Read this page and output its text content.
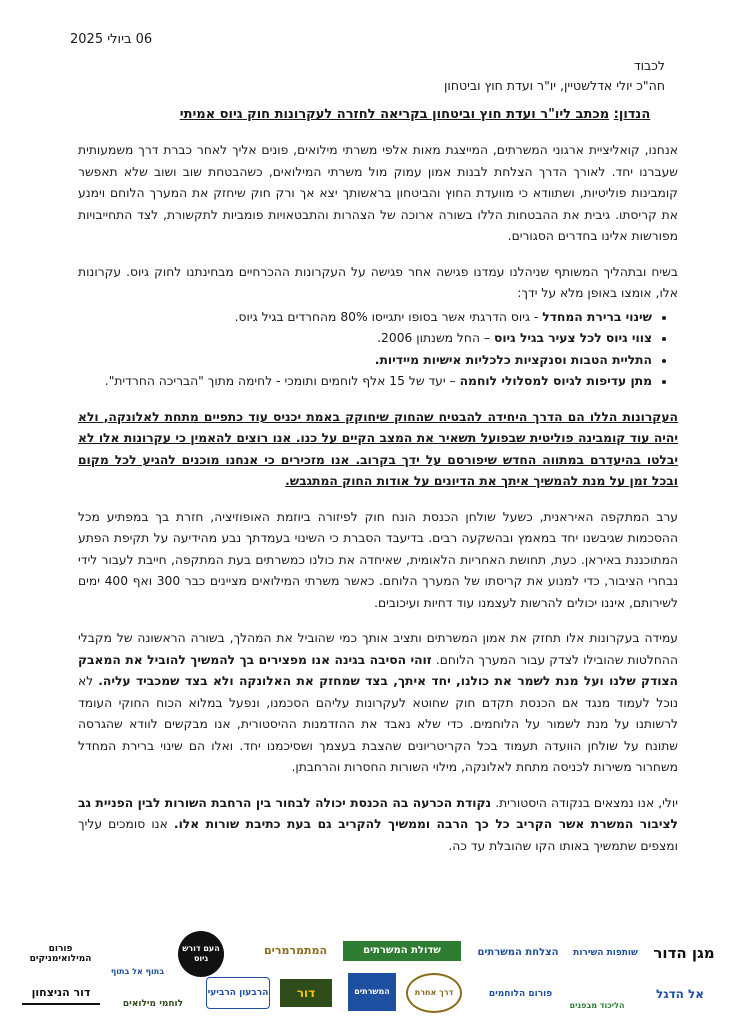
06 ביולי 2025
לכבוד
חה"כ יולי אדלשטיין, יו"ר ועדת חוץ וביטחון
הנדון: מכתב ליו"ר ועדת חוץ וביטחון בקריאה לחזרה לעקרונות חוק גיוס אמיתי

אנחנו, קואליציית ארגוני המשרתים, המייצגת מאות אלפי משרתי מילואים, פונים אליך לאחר כברת דרך משמעותית שעברנו יחד. לאורך הדרך הצלחת לבנות אמון עמוק מול משרתי המילואים, כשהבטחת שוב ושוב שלא תאפשר קומבינות פוליטיות, ושתוודא כי מוועדת החוץ והביטחון בראשותך יצא אך ורק חוק שיחזק את המערך הלוחם וימנע את קריסתו. גיבית את ההבטחות הללו בשורה ארוכה של הצהרות והתבטאויות פומביות לתקשורת, לצד התחייבויות מפורשות אלינו בחדרים הסגורים.

בשיח ובתהליך המשותף שניהלנו עמדנו פגישה אחר פגישה על העקרונות ההכרחיים מבחינתנו לחוק גיוס. עקרונות אלו, אומצו באופן מלא על ידך:

• שינוי ברירת המחדל - גיוס הדרגתי אשר בסופו יתגייסו 80% מהחרדים בגיל גיוס.
• צווי גיוס לכל צעיר בגיל גיוס – החל משנתון 2006.
• התליית הטבות וסנקציות כלכליות אישיות מיידיות.
• מתן עדיפות לגיוס למסלולי לוחמה – יעד של 15 אלף לוחמים ותומכי - לחימה מתוך "הבריכה החרדית".

העקרונות הללו הם הדרך היחידה להבטיח שהחוק שיחוקק באמת יכניס עוד כתפיים מתחת לאלונקה, ולא יהיה עוד קומבינה פוליטית שבפועל תשאיר את המצב הקיים על כנו. אנו רוצים להאמין כי עקרונות אלו לא יבלטו בהיעדרם במתווה החדש שיפורסם על ידך בקרוב. אנו מזכירים כי אנחנו מוכנים להגיע לכל מקום ובכל זמן על מנת להמשיך איתך את הדיונים על אודות החוק המתגבש.

ערב המתקפה האיראנית, כשעל שולחן הכנסת הונח חוק לפיזורה ביוזמת האופוזיציה, חזרת בך במפתיע מכל ההסכמות שגיבשנו יחד במאמץ ובהשקעה רבים. בדיעבד הסברת כי השינוי בעמדתך נבע מהידיעה על תקיפת הפתע המתוכננת באיראן. כעת, תחושת האחריות הלאומית, שאיחדה את כולנו כמשרתים בעת המתקפה, חייבת לעבור לידי נבחרי הציבור, כדי למנוע את קריסתו של המערך הלוחם. כאשר משרתי המילואים מציינים כבר 300 ואף 400 ימים לשירותם, איננו יכולים להרשות לעצמנו עוד דחיות ועיכובים.

עמידה בעקרונות אלו תחזק את אמון המשרתים ותציב אותך כמי שהוביל את המהלך, בשורה הראשונה של מקבלי ההחלטות שהובילו לצדק עבור המערך הלוחם. זוהי הסיבה בגינה אנו מפצירים בך להמשיך להוביל את המאבק הצודק שלנו ועל מנת לשמר את כולנו, יחד איתך, בצד שמחזק את האלונקה ולא בצד שמכביד עליה. לא נוכל לעמוד מנגד אם הכנסת תקדם חוק שחוטא לעקרונות עליהם הסכמנו, ונפעל במלוא הכוח החוקי העומד לרשותנו על מנת לשמור על הלוחמים. כדי שלא נאבד את ההזדמנות ההיסטורית, אנו מבקשים לוודא שהגרסה שתונח על שולחן הוועדה תעמוד בכל הקריטריונים שהצבת בעצמך ושסיכמנו יחד. ואלו הם שינוי ברירת המחדל משחרור משירות לכניסה מתחת לאלונקה, מילוי השורות החסרות והרחבתן.

יולי, אנו נמצאים בנקודה היסטורית. נקודת הכרעה בה הכנסת יכולה לבחור בין הרחבת השורות לבין הפניית גב לציבור המשרת אשר הקריב כל כך הרבה וממשיך להקריב גם בעת כתיבת שורות אלו. אנו סומכים עליך ומצפים שתמשיך באותו הקו שהובלת עד כה.

מגן הדור
שותפות השירות
הצלחת המשרתים
שדולת המשרתים
המתמרמרים
העם דורש גיוס
בתוף אל בתוף
פורום המילואימניקים
אל הדגל
הליכוד מבפנים
פורום הלוחמים
דרך אחרת
המשרתים
דור
הרבעון הרביעי
לוחמי מילואים
דור הניצחון
